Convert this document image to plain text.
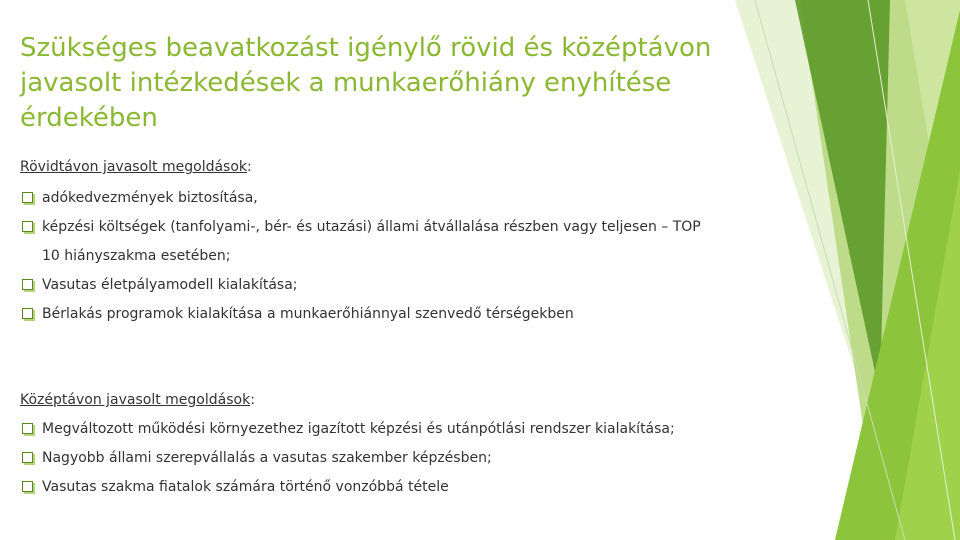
Szükséges beavatkozást igénylő rövid és középtávon javasolt intézkedések a munkaerőhiány enyhítése érdekében
Rövidtávon javasolt megoldások:
adókedvezmények biztosítása,
képzési költségek (tanfolyami-, bér- és utazási) állami átvállalása részben vagy teljesen – TOP
10 hiányszakma esetében;
Vasutas életpályamodell kialakítása;
Bérlakás programok kialakítása a munkaerőhiánnyal szenvedő térségekben
Középtávon javasolt megoldások:
Megváltozott működési környezethez igazított képzési és utánpótlási rendszer kialakítása;
Nagyobb állami szerepvállalás a vasutas szakember képzésben;
Vasutas szakma fiatalok számára történő vonzóbbá tétele
